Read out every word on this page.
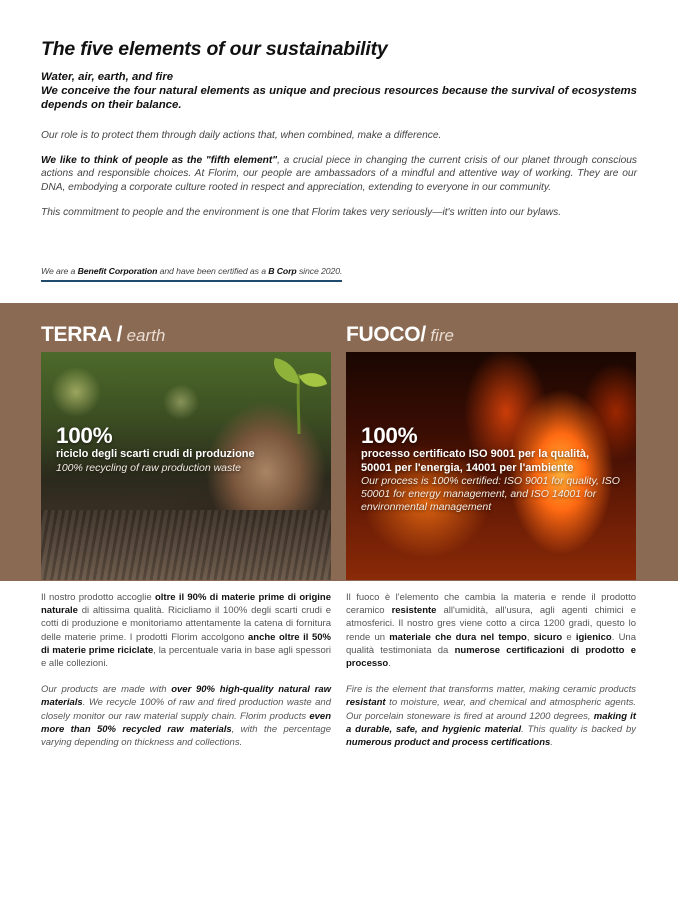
The five elements of our sustainability
Water, air, earth, and fire
We conceive the four natural elements as unique and precious resources because the survival of ecosystems depends on their balance.

Our role is to protect them through daily actions that, when combined, make a difference.

We like to think of people as the "fifth element", a crucial piece in changing the current crisis of our planet through conscious actions and responsible choices. At Florim, our people are ambassadors of a mindful and attentive way of working. They are our DNA, embodying a corporate culture rooted in respect and appreciation, extending to everyone in our community.

This commitment to people and the environment is one that Florim takes very seriously—it's written into our bylaws.

We are a Benefit Corporation and have been certified as a B Corp since 2020.
TERRA / earth
100%
riciclo degli scarti crudi di produzione
100% recycling of raw production waste
FUOCO/ fire
100%
processo certificato ISO 9001 per la qualità, 50001 per l'energia, 14001 per l'ambiente
Our process is 100% certified: ISO 9001 for quality, ISO 50001 for energy management, and ISO 14001 for environmental management

Il nostro prodotto accoglie oltre il 90% di materie prime di origine naturale di altissima qualità. Ricicliamo il 100% degli scarti crudi e cotti di produzione e monitoriamo attentamente la catena di fornitura delle materie prime. I prodotti Florim accolgono anche oltre il 50% di materie prime riciclate, la percentuale varia in base agli spessori e alle collezioni.

Our products are made with over 90% high-quality natural raw materials. We recycle 100% of raw and fired production waste and closely monitor our raw material supply chain. Florim products even more than 50% recycled raw materials, with the percentage varying depending on thickness and collections.

Il fuoco è l'elemento che cambia la materia e rende il prodotto ceramico resistente all'umidità, all'usura, agli agenti chimici e atmosferici. Il nostro gres viene cotto a circa 1200 gradi, questo lo rende un materiale che dura nel tempo, sicuro e igienico. Una qualità testimoniata da numerose certificazioni di prodotto e processo.

Fire is the element that transforms matter, making ceramic products resistant to moisture, wear, and chemical and atmospheric agents. Our porcelain stoneware is fired at around 1200 degrees, making it a durable, safe, and hygienic material. This quality is backed by numerous product and process certifications.
